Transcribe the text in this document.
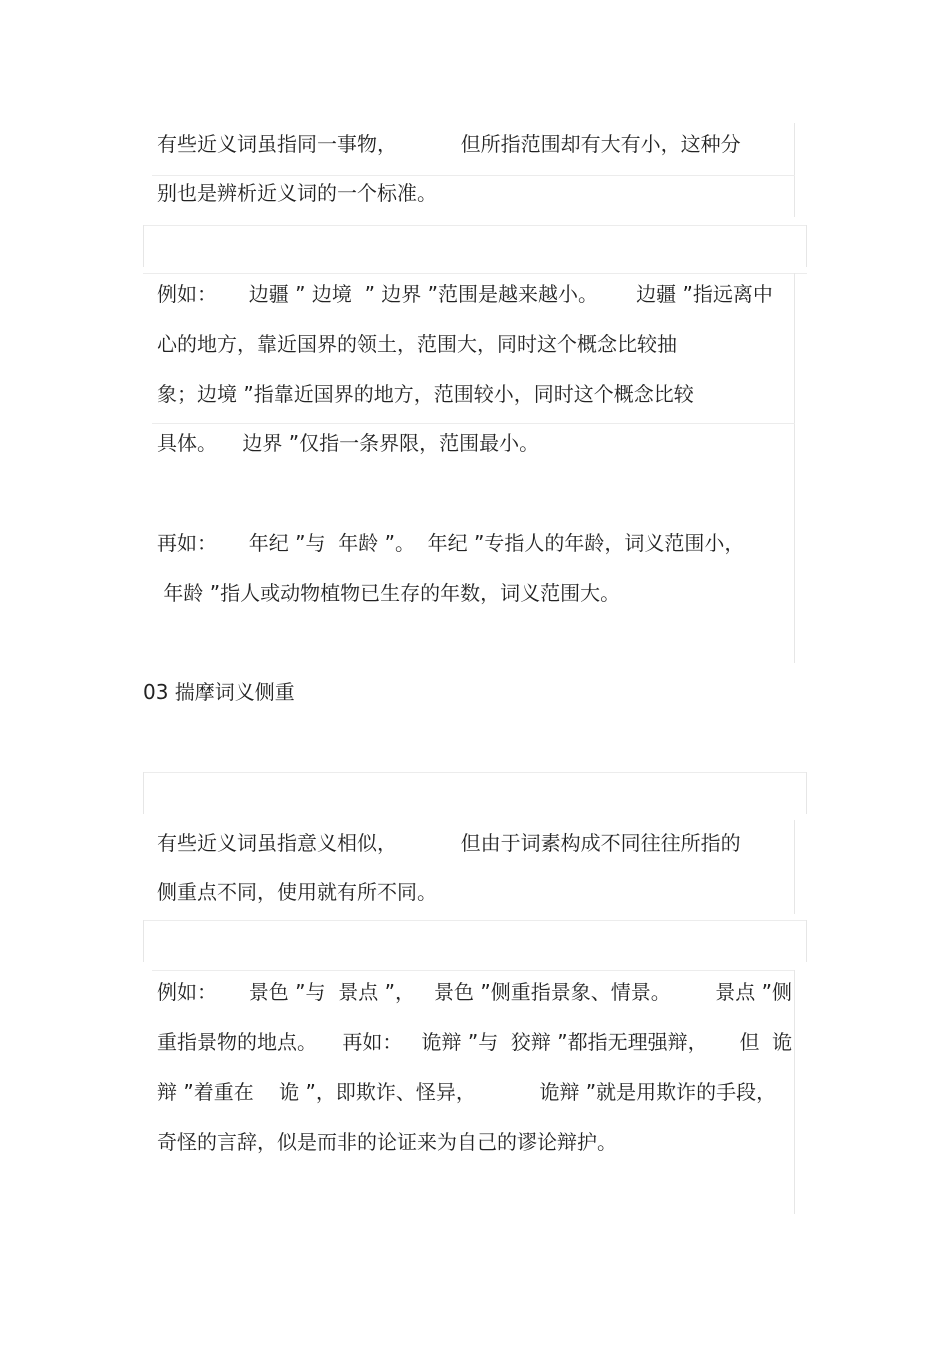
有些近义词虽指同一事物，          但所指范围却有大有小，这种分
别也是辨析近义词的一个标准。
例如：     边疆 ” 边境  ” 边界 ”范围是越来越小。      边疆 ”指远离中
心的地方，靠近国界的领土，范围大，同时这个概念比较抽
象；边境 ”指靠近国界的地方，范围较小，同时这个概念比较
具体。    边界 ”仅指一条界限，范围最小。
再如：     年纪 ”与  年龄 ”。  年纪 ”专指人的年龄，词义范围小，
年龄 ”指人或动物植物已生存的年数，词义范围大。
03 揣摩词义侧重
有些近义词虽指意义相似，          但由于词素构成不同往往所指的
侧重点不同，使用就有所不同。
例如：     景色 ”与  景点 ”，   景色 ”侧重指景象、情景。       景点 ”侧
重指景物的地点。    再如：   诡辩 ”与  狡辩 ”都指无理强辩，     但  诡
辩 ”着重在    诡 ”，即欺诈、怪异，          诡辩 ”就是用欺诈的手段，
奇怪的言辞，似是而非的论证来为自己的谬论辩护。
